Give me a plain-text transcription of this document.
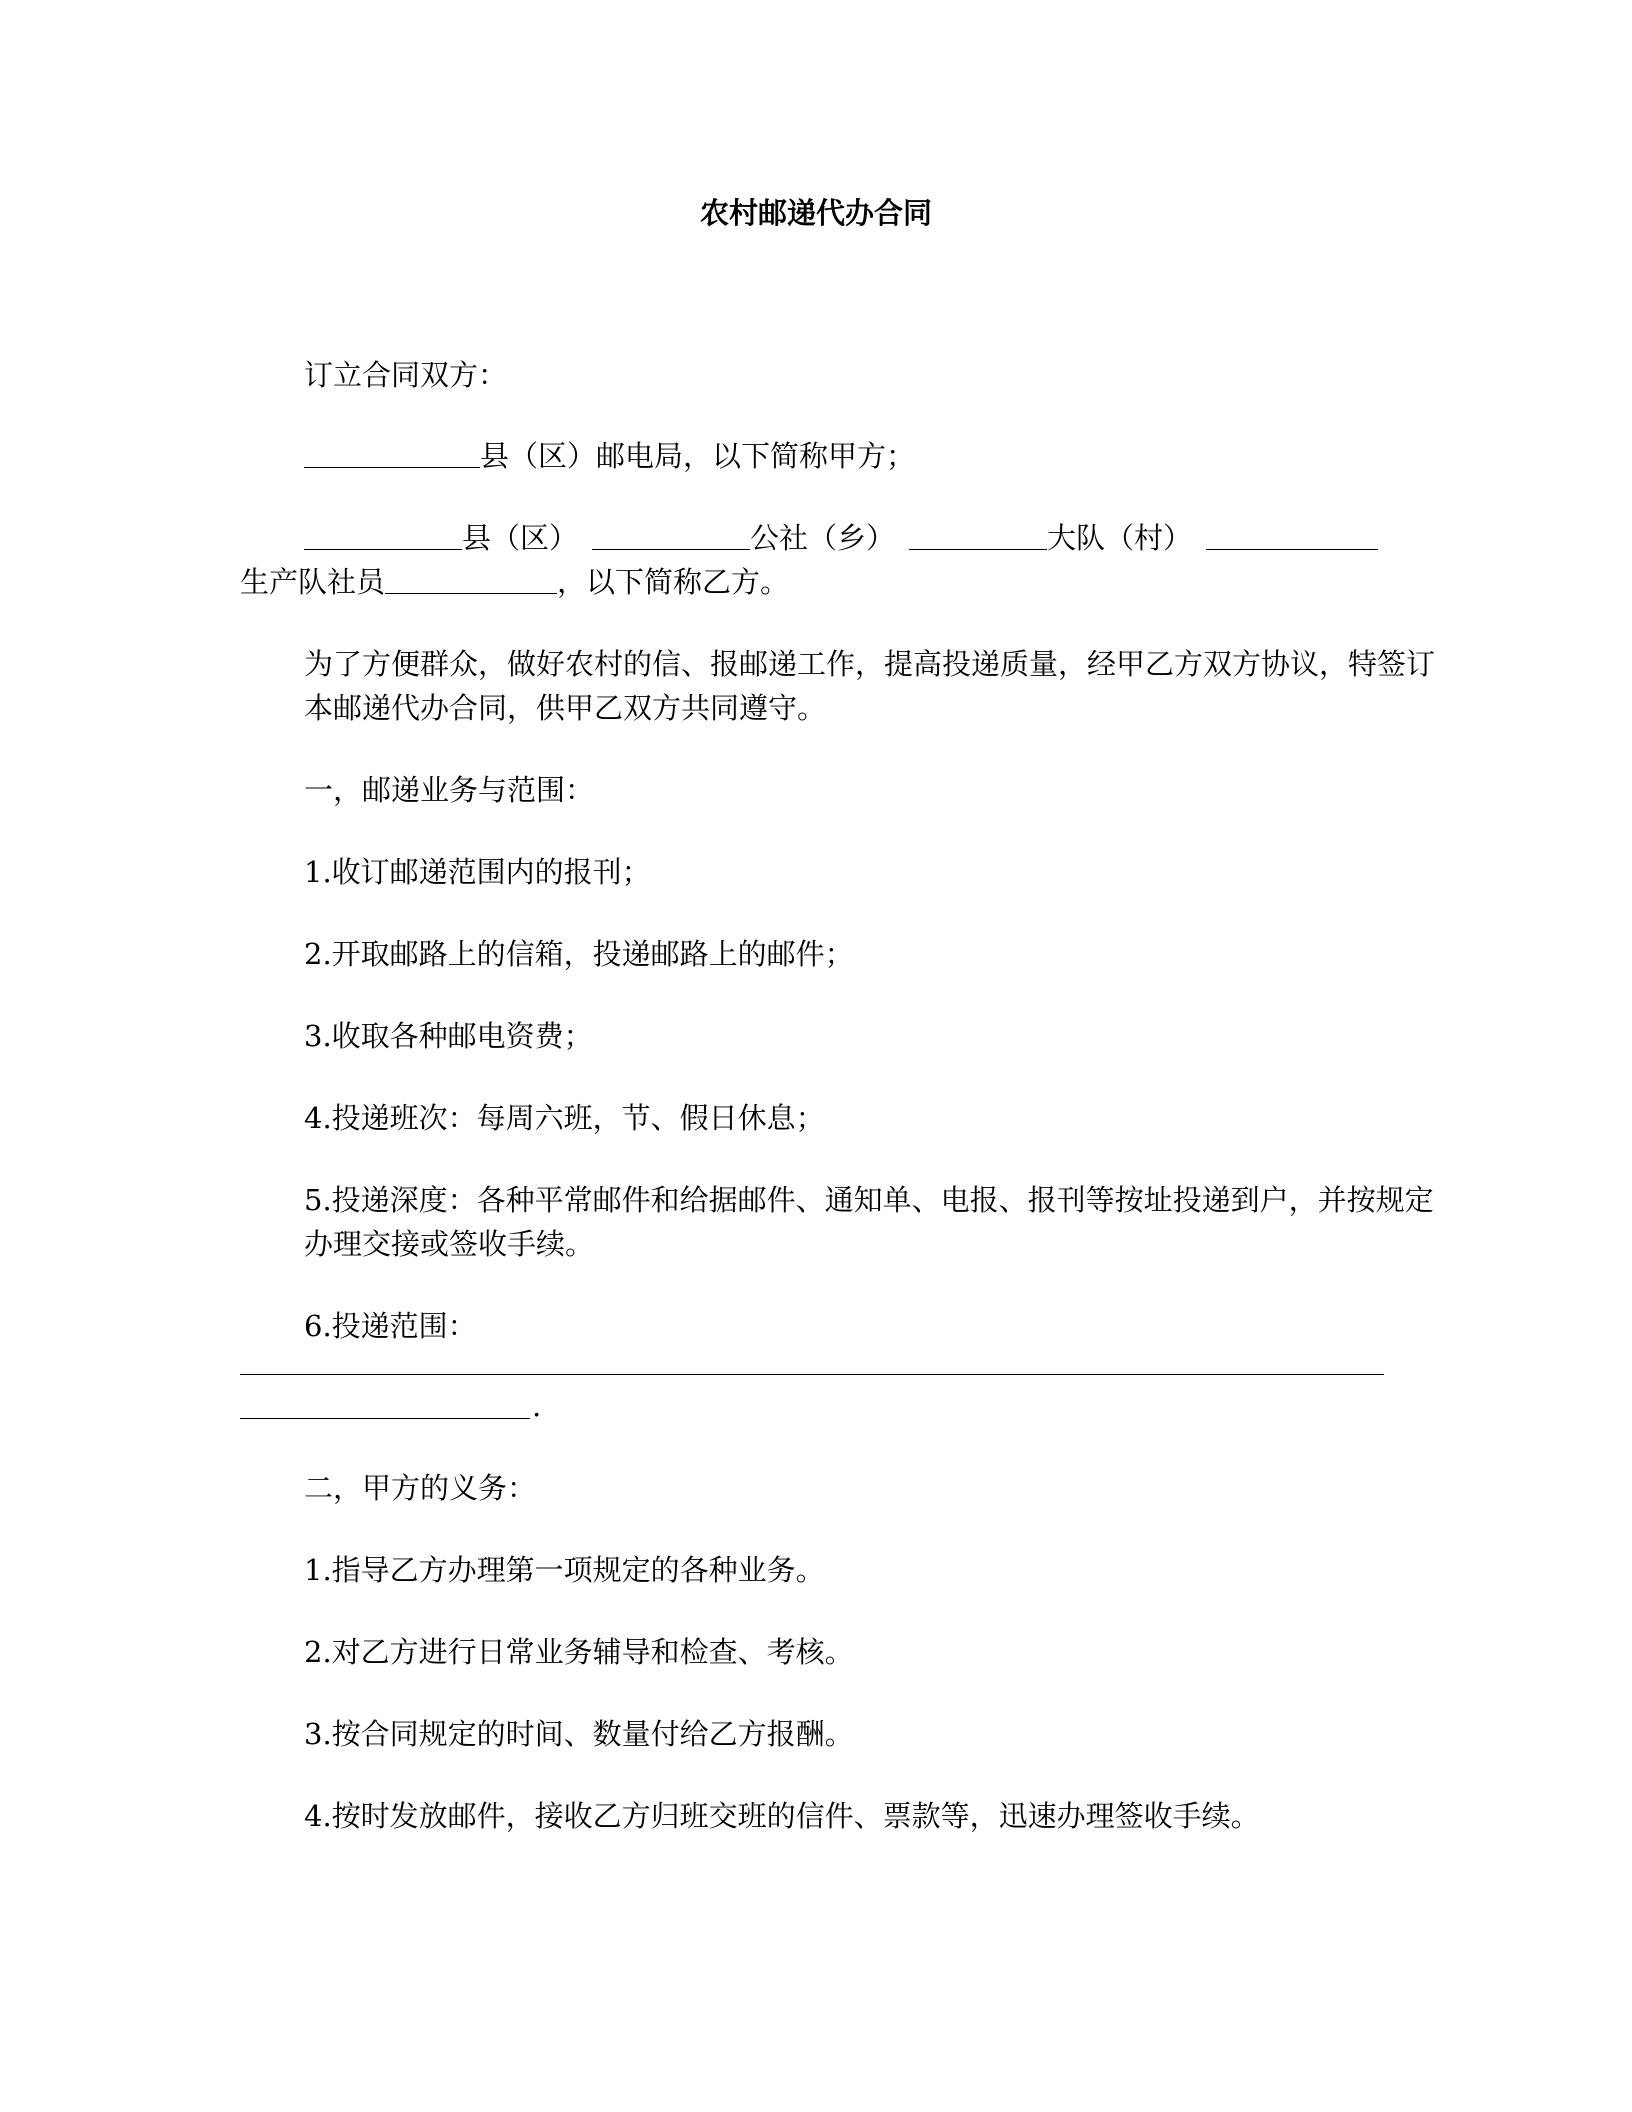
农村邮递代办合同

订立合同双方：

县（区）邮电局，以下简称甲方；

县（区）	公社（乡）	大队（村）

生产队社员	，以下简称乙方。

为了方便群众，做好农村的信、报邮递工作，提高投递质量，经甲乙方双方协议，特签订本邮递代办合同，供甲乙双方共同遵守。

一，邮递业务与范围：

1.收订邮递范围内的报刊；

2.开取邮路上的信箱，投递邮路上的邮件；

3.收取各种邮电资费；

4.投递班次：每周六班，节、假日休息；

5.投递深度：各种平常邮件和给据邮件、通知单、电报、报刊等按址投递到户，并按规定办理交接或签收手续。

6.投递范围：

.

二，甲方的义务：

1.指导乙方办理第一项规定的各种业务。

2.对乙方进行日常业务辅导和检查、考核。

3.按合同规定的时间、数量付给乙方报酬。

4.按时发放邮件，接收乙方归班交班的信件、票款等，迅速办理签收手续。
